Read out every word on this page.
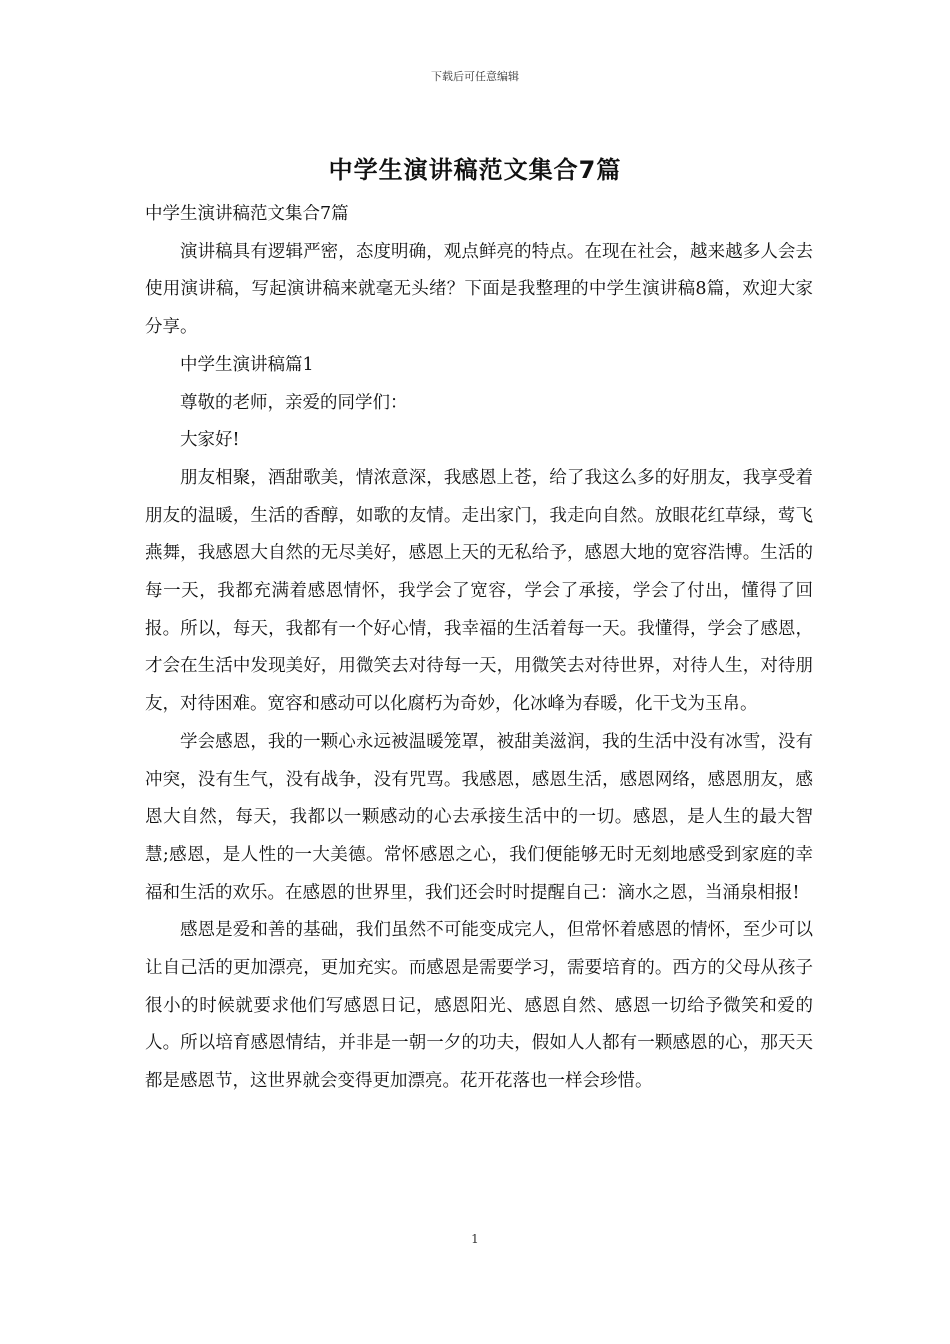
下载后可任意编辑
中学生演讲稿范文集合7篇

中学生演讲稿范文集合7篇

演讲稿具有逻辑严密，态度明确，观点鲜亮的特点。在现在社会，越来越多人会去使用演讲稿，写起演讲稿来就毫无头绪？下面是我整理的中学生演讲稿8篇，欢迎大家分享。

中学生演讲稿篇1

尊敬的老师，亲爱的同学们：

大家好!

朋友相聚，酒甜歌美，情浓意深，我感恩上苍，给了我这么多的好朋友，我享受着朋友的温暖，生活的香醇，如歌的友情。走出家门，我走向自然。放眼花红草绿，莺飞燕舞，我感恩大自然的无尽美好，感恩上天的无私给予，感恩大地的宽容浩博。生活的每一天，我都充满着感恩情怀，我学会了宽容，学会了承接，学会了付出，懂得了回报。所以，每天，我都有一个好心情，我幸福的生活着每一天。我懂得，学会了感恩，才会在生活中发现美好，用微笑去对待每一天，用微笑去对待世界，对待人生，对待朋友，对待困难。宽容和感动可以化腐朽为奇妙，化冰峰为春暖，化干戈为玉帛。

学会感恩，我的一颗心永远被温暖笼罩，被甜美滋润，我的生活中没有冰雪，没有冲突，没有生气，没有战争，没有咒骂。我感恩，感恩生活，感恩网络，感恩朋友，感恩大自然，每天，我都以一颗感动的心去承接生活中的一切。感恩，是人生的最大智慧;感恩，是人性的一大美德。常怀感恩之心，我们便能够无时无刻地感受到家庭的幸福和生活的欢乐。在感恩的世界里，我们还会时时提醒自己：滴水之恩，当涌泉相报!

感恩是爱和善的基础，我们虽然不可能变成完人，但常怀着感恩的情怀，至少可以让自己活的更加漂亮，更加充实。而感恩是需要学习，需要培育的。西方的父母从孩子很小的时候就要求他们写感恩日记，感恩阳光、感恩自然、感恩一切给予微笑和爱的人。所以培育感恩情结，并非是一朝一夕的功夫，假如人人都有一颗感恩的心，那天天都是感恩节，这世界就会变得更加漂亮。花开花落也一样会珍惜。

1
